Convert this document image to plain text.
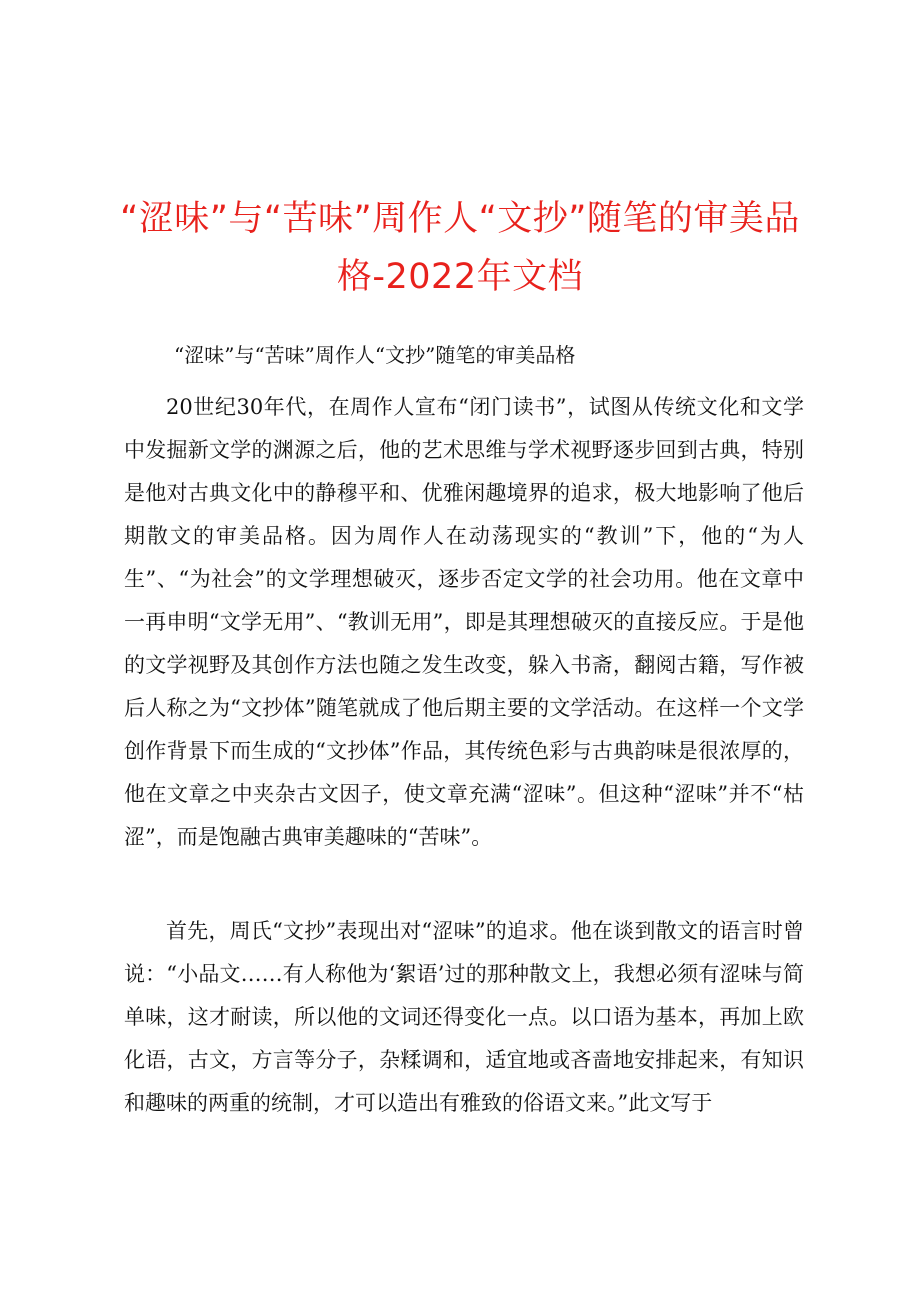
“涩味”与“苦味”周作人“文抄”随笔的审美品格-2022年文档
“涩味”与“苦味”周作人“文抄”随笔的审美品格
20世纪30年代，在周作人宣布“闭门读书”，试图从传统文化和文学中发掘新文学的渊源之后，他的艺术思维与学术视野逐步回到古典，特别是他对古典文化中的静穆平和、优雅闲趣境界的追求，极大地影响了他后期散文的审美品格。因为周作人在动荡现实的“教训”下，他的“为人生”、“为社会”的文学理想破灭，逐步否定文学的社会功用。他在文章中一再申明“文学无用”、“教训无用”，即是其理想破灭的直接反应。于是他的文学视野及其创作方法也随之发生改变，躲入书斋，翻阅古籍，写作被后人称之为“文抄体”随笔就成了他后期主要的文学活动。在这样一个文学创作背景下而生成的“文抄体”作品，其传统色彩与古典韵味是很浓厚的，他在文章之中夹杂古文因子，使文章充满“涩味”。但这种“涩味”并不“枯涩”，而是饱融古典审美趣味的“苦味”。
首先，周氏“文抄”表现出对“涩味”的追求。他在谈到散文的语言时曾说：“小品文……有人称他为‘絮语’过的那种散文上，我想必须有涩味与简单味，这才耐读，所以他的文词还得变化一点。以口语为基本，再加上欧化语，古文，方言等分子，杂糅调和，适宜地或吝啬地安排起来，有知识和趣味的两重的统制，才可以造出有雅致的俗语文来。”此文写于
